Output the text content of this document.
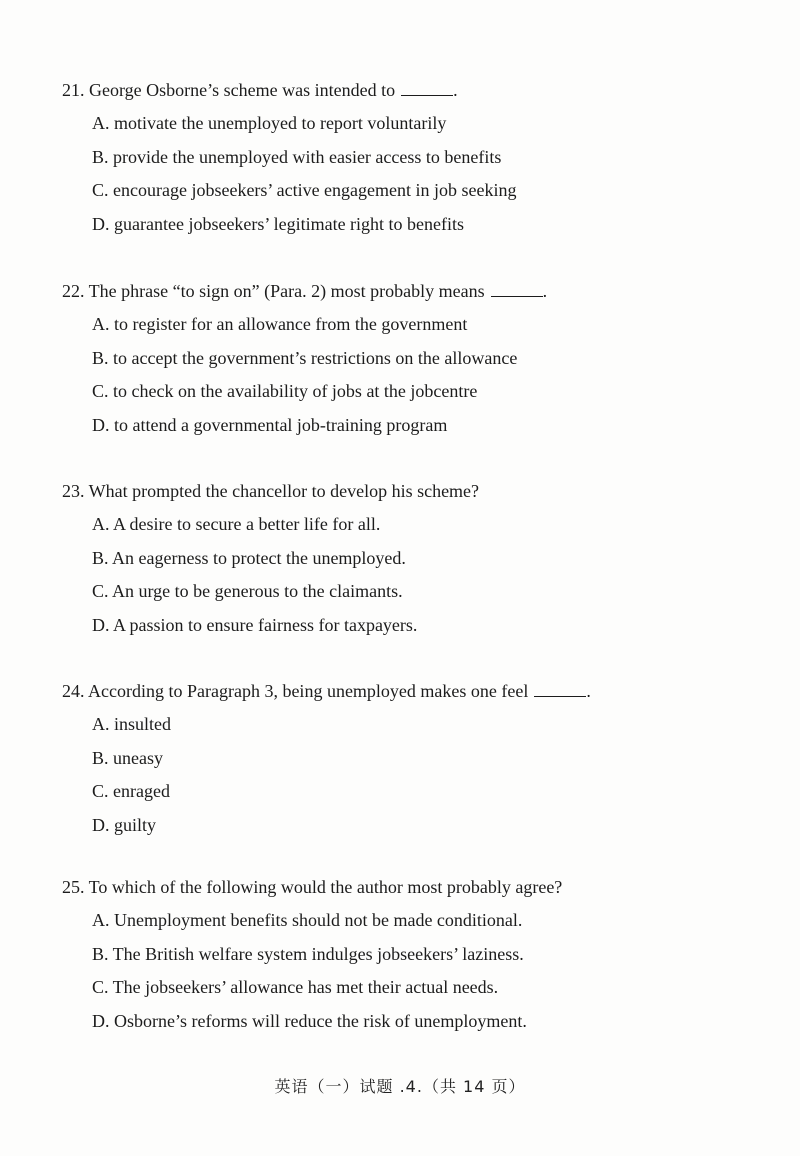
21. George Osborne’s scheme was intended to	.
A. motivate the unemployed to report voluntarily
B. provide the unemployed with easier access to benefits
C. encourage jobseekers’ active engagement in job seeking
D. guarantee jobseekers’ legitimate right to benefits
22. The phrase “to sign on” (Para. 2) most probably means	.
A. to register for an allowance from the government
B. to accept the government’s restrictions on the allowance
C. to check on the availability of jobs at the jobcentre
D. to attend a governmental job-training program
23. What prompted the chancellor to develop his scheme?
A. A desire to secure a better life for all.
B. An eagerness to protect the unemployed.
C. An urge to be generous to the claimants.
D. A passion to ensure fairness for taxpayers.
24. According to Paragraph 3, being unemployed makes one feel	.
A. insulted
B. uneasy
C. enraged
D. guilty
25. To which of the following would the author most probably agree?
A. Unemployment benefits should not be made conditional.
B. The British welfare system indulges jobseekers’ laziness.
C. The jobseekers’ allowance has met their actual needs.
D. Osborne’s reforms will reduce the risk of unemployment.
英语（一）试题 .4.（共 14 页）
